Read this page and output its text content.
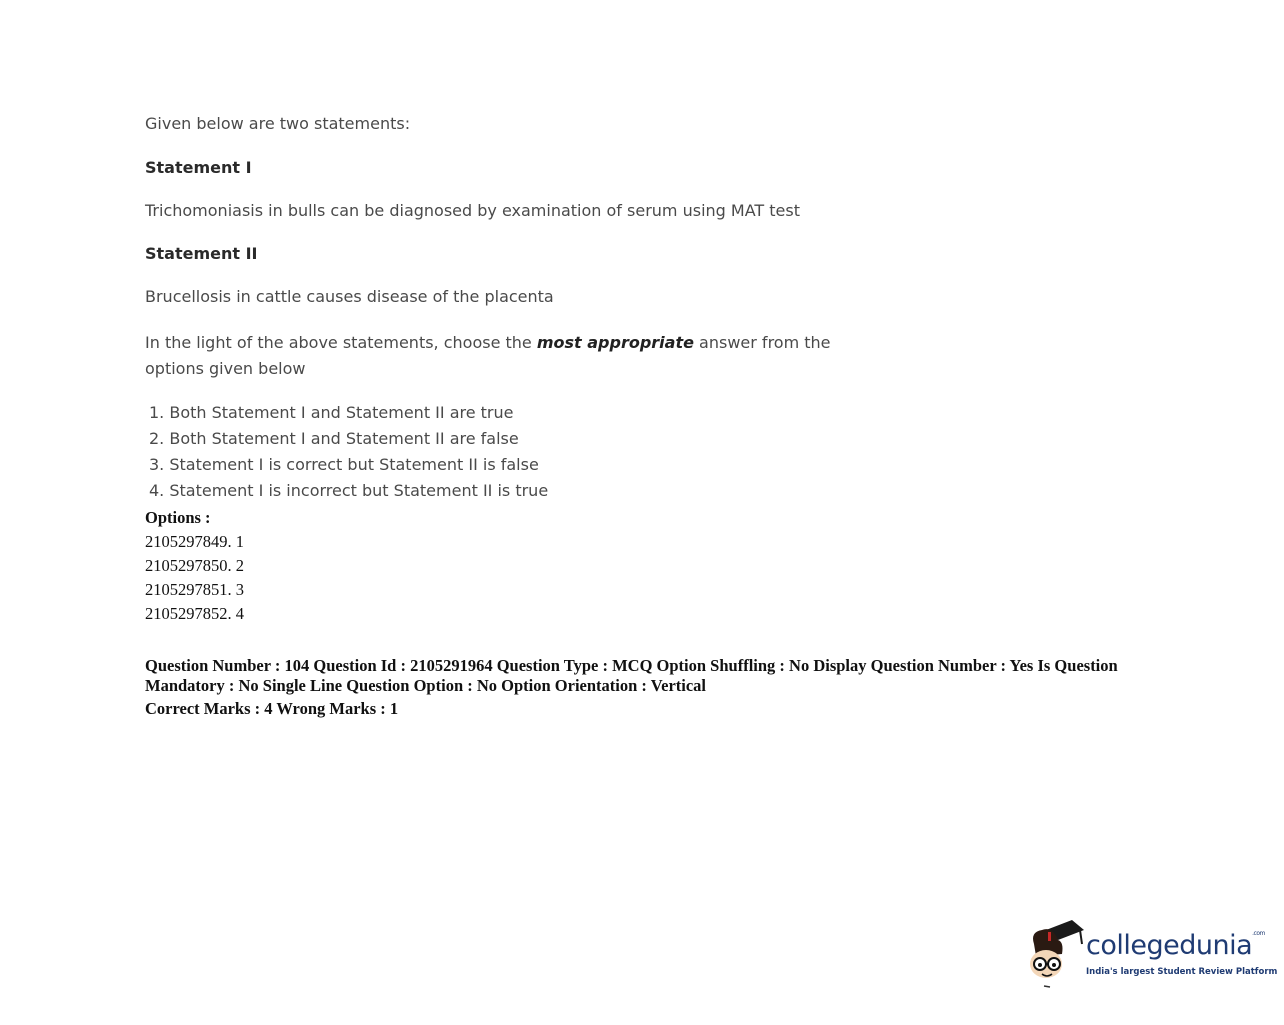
Given below are two statements:

Statement I

Trichomoniasis in bulls can be diagnosed by examination of serum using MAT test

Statement II

Brucellosis in cattle causes disease of the placenta

In the light of the above statements, choose the most appropriate answer from the options given below

1. Both Statement I and Statement II are true
2. Both Statement I and Statement II are false
3. Statement I is correct but Statement II is false
4. Statement I is incorrect but Statement II is true
Options :
2105297849. 1
2105297850. 2
2105297851. 3
2105297852. 4
Question Number : 104 Question Id : 2105291964 Question Type : MCQ Option Shuffling : No Display Question Number : Yes Is Question Mandatory : No Single Line Question Option : No Option Orientation : Vertical
Correct Marks : 4 Wrong Marks : 1
collegedunia$^{.com}$
India's largest Student Review Platform
